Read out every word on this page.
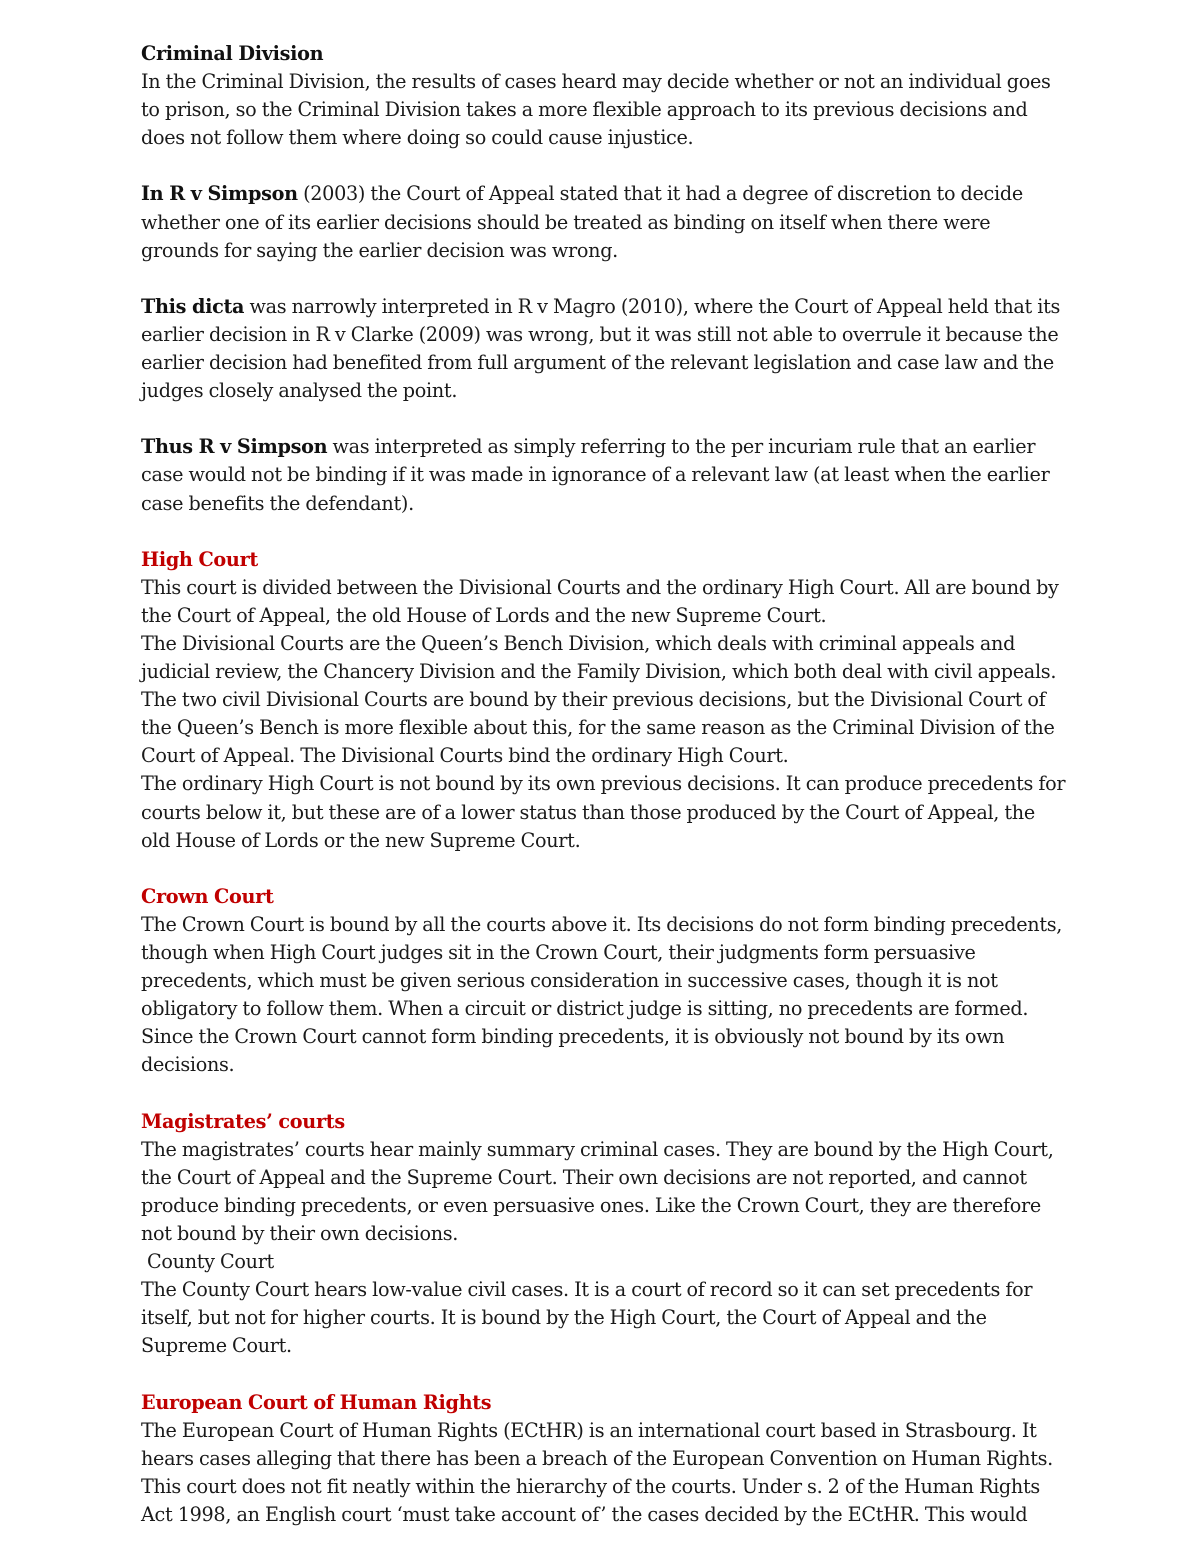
Criminal Division

In the Criminal Division, the results of cases heard may decide whether or not an individual goes to prison, so the Criminal Division takes a more flexible approach to its previous decisions and does not follow them where doing so could cause injustice.

In R v Simpson (2003) the Court of Appeal stated that it had a degree of discretion to decide whether one of its earlier decisions should be treated as binding on itself when there were grounds for saying the earlier decision was wrong.

This dicta was narrowly interpreted in R v Magro (2010), where the Court of Appeal held that its earlier decision in R v Clarke (2009) was wrong, but it was still not able to overrule it because the earlier decision had benefited from full argument of the relevant legislation and case law and the judges closely analysed the point.

Thus R v Simpson was interpreted as simply referring to the per incuriam rule that an earlier case would not be binding if it was made in ignorance of a relevant law (at least when the earlier case benefits the defendant).

High Court

This court is divided between the Divisional Courts and the ordinary High Court. All are bound by the Court of Appeal, the old House of Lords and the new Supreme Court.

The Divisional Courts are the Queen’s Bench Division, which deals with criminal appeals and judicial review, the Chancery Division and the Family Division, which both deal with civil appeals. The two civil Divisional Courts are bound by their previous decisions, but the Divisional Court of the Queen’s Bench is more flexible about this, for the same reason as the Criminal Division of the Court of Appeal. The Divisional Courts bind the ordinary High Court.

The ordinary High Court is not bound by its own previous decisions. It can produce precedents for courts below it, but these are of a lower status than those produced by the Court of Appeal, the old House of Lords or the new Supreme Court.

Crown Court

The Crown Court is bound by all the courts above it. Its decisions do not form binding precedents, though when High Court judges sit in the Crown Court, their judgments form persuasive precedents, which must be given serious consideration in successive cases, though it is not obligatory to follow them. When a circuit or district judge is sitting, no precedents are formed. Since the Crown Court cannot form binding precedents, it is obviously not bound by its own decisions.

Magistrates’ courts

The magistrates’ courts hear mainly summary criminal cases. They are bound by the High Court, the Court of Appeal and the Supreme Court. Their own decisions are not reported, and cannot produce binding precedents, or even persuasive ones. Like the Crown Court, they are therefore not bound by their own decisions.

County Court

The County Court hears low-value civil cases. It is a court of record so it can set precedents for itself, but not for higher courts. It is bound by the High Court, the Court of Appeal and the Supreme Court.

European Court of Human Rights

The European Court of Human Rights (ECtHR) is an international court based in Strasbourg. It hears cases alleging that there has been a breach of the European Convention on Human Rights. This court does not fit neatly within the hierarchy of the courts. Under s. 2 of the Human Rights Act 1998, an English court ‘must take account of’ the cases decided by the ECtHR. This would
